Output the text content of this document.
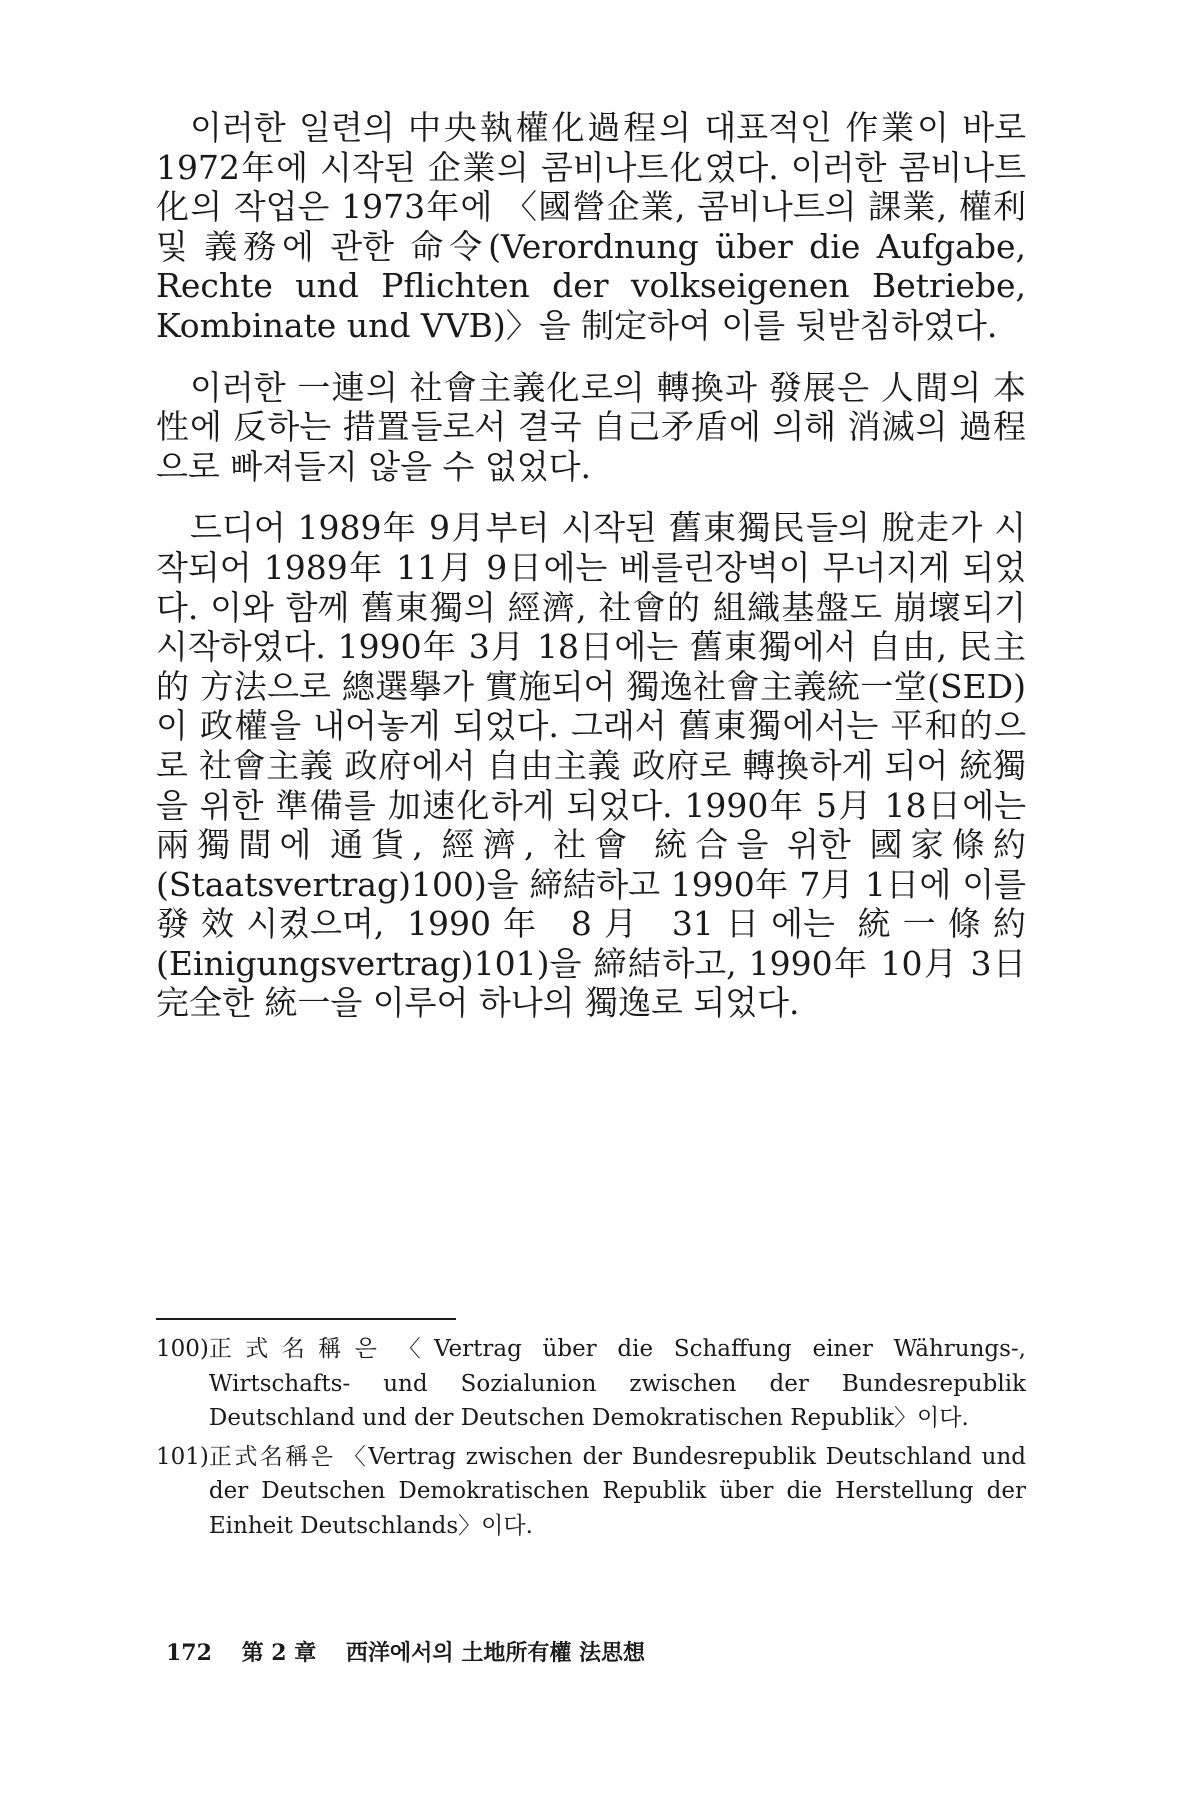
이러한 일련의 中央執權化過程의 대표적인 作業이 바로 1972年에 시작된 企業의 콤비나트化였다. 이러한 콤비나트化의 작업은 1973年에 〈國營企業, 콤비나트의 課業, 權利 및 義務에 관한 命令(Verordnung über die Aufgabe, Rechte und Pflichten der volkseigenen Betriebe, Kombinate und VVB)〉을 制定하여 이를 뒷받침하였다.

이러한 一連의 社會主義化로의 轉換과 發展은 人間의 本性에 反하는 措置들로서 결국 自己矛盾에 의해 消滅의 過程으로 빠져들지 않을 수 없었다.

드디어 1989年 9月부터 시작된 舊東獨民들의 脫走가 시작되어 1989年 11月 9日에는 베를린장벽이 무너지게 되었다. 이와 함께 舊東獨의 經濟, 社會的 組織基盤도 崩壞되기 시작하였다. 1990年 3月 18日에는 舊東獨에서 自由, 民主的 方法으로 總選擧가 實施되어 獨逸社會主義統一堂(SED)이 政權을 내어놓게 되었다. 그래서 舊東獨에서는 平和的으로 社會主義 政府에서 自由主義 政府로 轉換하게 되어 統獨을 위한 準備를 加速化하게 되었다. 1990年 5月 18日에는 兩獨間에 通貨, 經濟, 社會 統合을 위한 國家條約(Staatsvertrag)100)을 締結하고 1990年 7月 1日에 이를 發效시켰으며, 1990年 8月 31日에는 統一條約(Einigungsvertrag)101)을 締結하고, 1990年 10月 3日 完全한 統一을 이루어 하나의 獨逸로 되었다.

100) 正式名稱은 〈Vertrag über die Schaffung einer Währungs-, Wirtschafts- und Sozialunion zwischen der Bundesrepublik Deutschland und der Deutschen Demokratischen Republik〉이다.
101) 正式名稱은 〈Vertrag zwischen der Bundesrepublik Deutschland und der Deutschen Demokratischen Republik über die Herstellung der Einheit Deutschlands〉이다.
172 第 2 章 西洋에서의 土地所有權 法思想
